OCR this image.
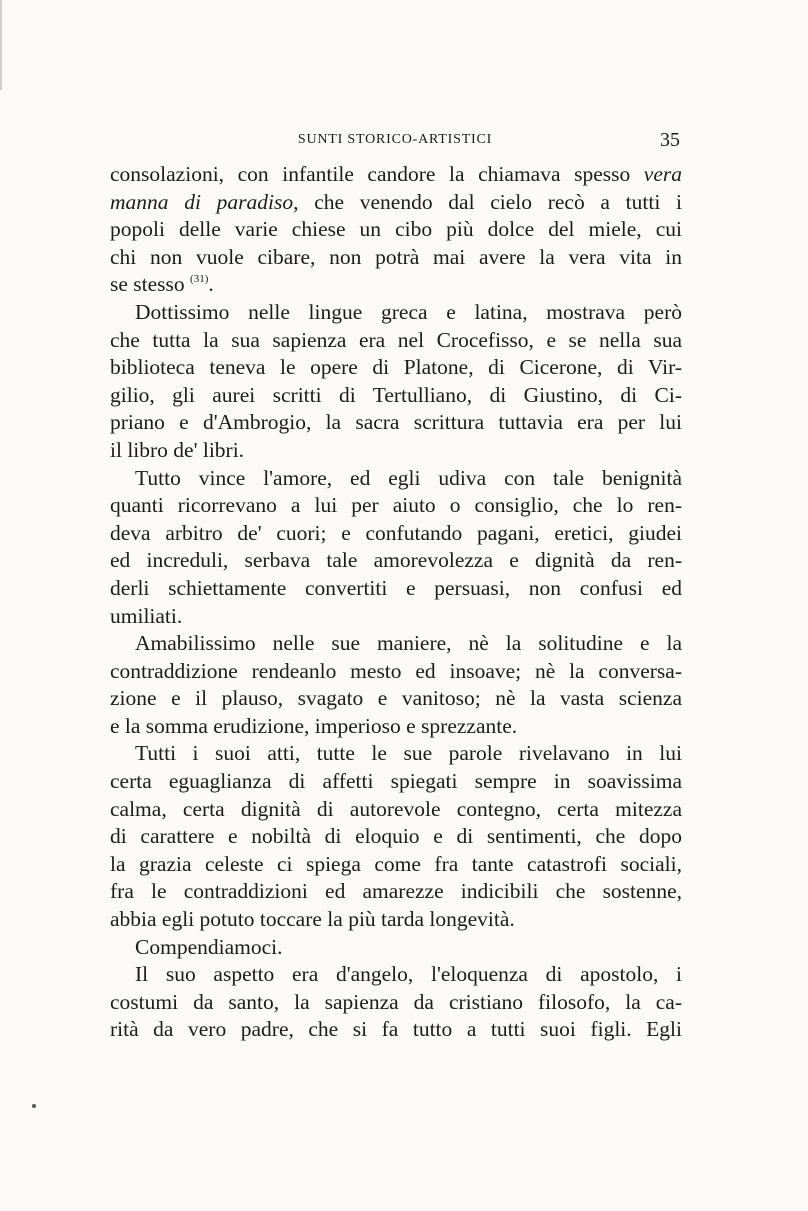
SUNTI STORICO-ARTISTICI	35
consolazioni, con infantile candore la chiamava spesso vera
manna di paradiso, che venendo dal cielo recò a tutti i
popoli delle varie chiese un cibo più dolce del miele, cui
chi non vuole cibare, non potrà mai avere la vera vita in
se stesso $^{(31)}$.
Dottissimo nelle lingue greca e latina, mostrava però
che tutta la sua sapienza era nel Crocefisso, e se nella sua
biblioteca teneva le opere di Platone, di Cicerone, di Vir-
gilio, gli aurei scritti di Tertulliano, di Giustino, di Ci-
priano e d'Ambrogio, la sacra scrittura tuttavia era per lui
il libro de' libri.
Tutto vince l'amore, ed egli udiva con tale benignità
quanti ricorrevano a lui per aiuto o consiglio, che lo ren-
deva arbitro de' cuori; e confutando pagani, eretici, giudei
ed increduli, serbava tale amorevolezza e dignità da ren-
derli schiettamente convertiti e persuasi, non confusi ed
umiliati.
Amabilissimo nelle sue maniere, nè la solitudine e la
contraddizione rendeanlo mesto ed insoave; nè la conversa-
zione e il plauso, svagato e vanitoso; nè la vasta scienza
e la somma erudizione, imperioso e sprezzante.
Tutti i suoi atti, tutte le sue parole rivelavano in lui
certa eguaglianza di affetti spiegati sempre in soavissima
calma, certa dignità di autorevole contegno, certa mitezza
di carattere e nobiltà di eloquio e di sentimenti, che dopo
la grazia celeste ci spiega come fra tante catastrofi sociali,
fra le contraddizioni ed amarezze indicibili che sostenne,
abbia egli potuto toccare la più tarda longevità.
Compendiamoci.
Il suo aspetto era d'angelo, l'eloquenza di apostolo, i
costumi da santo, la sapienza da cristiano filosofo, la ca-
rità da vero padre, che si fa tutto a tutti suoi figli. Egli
